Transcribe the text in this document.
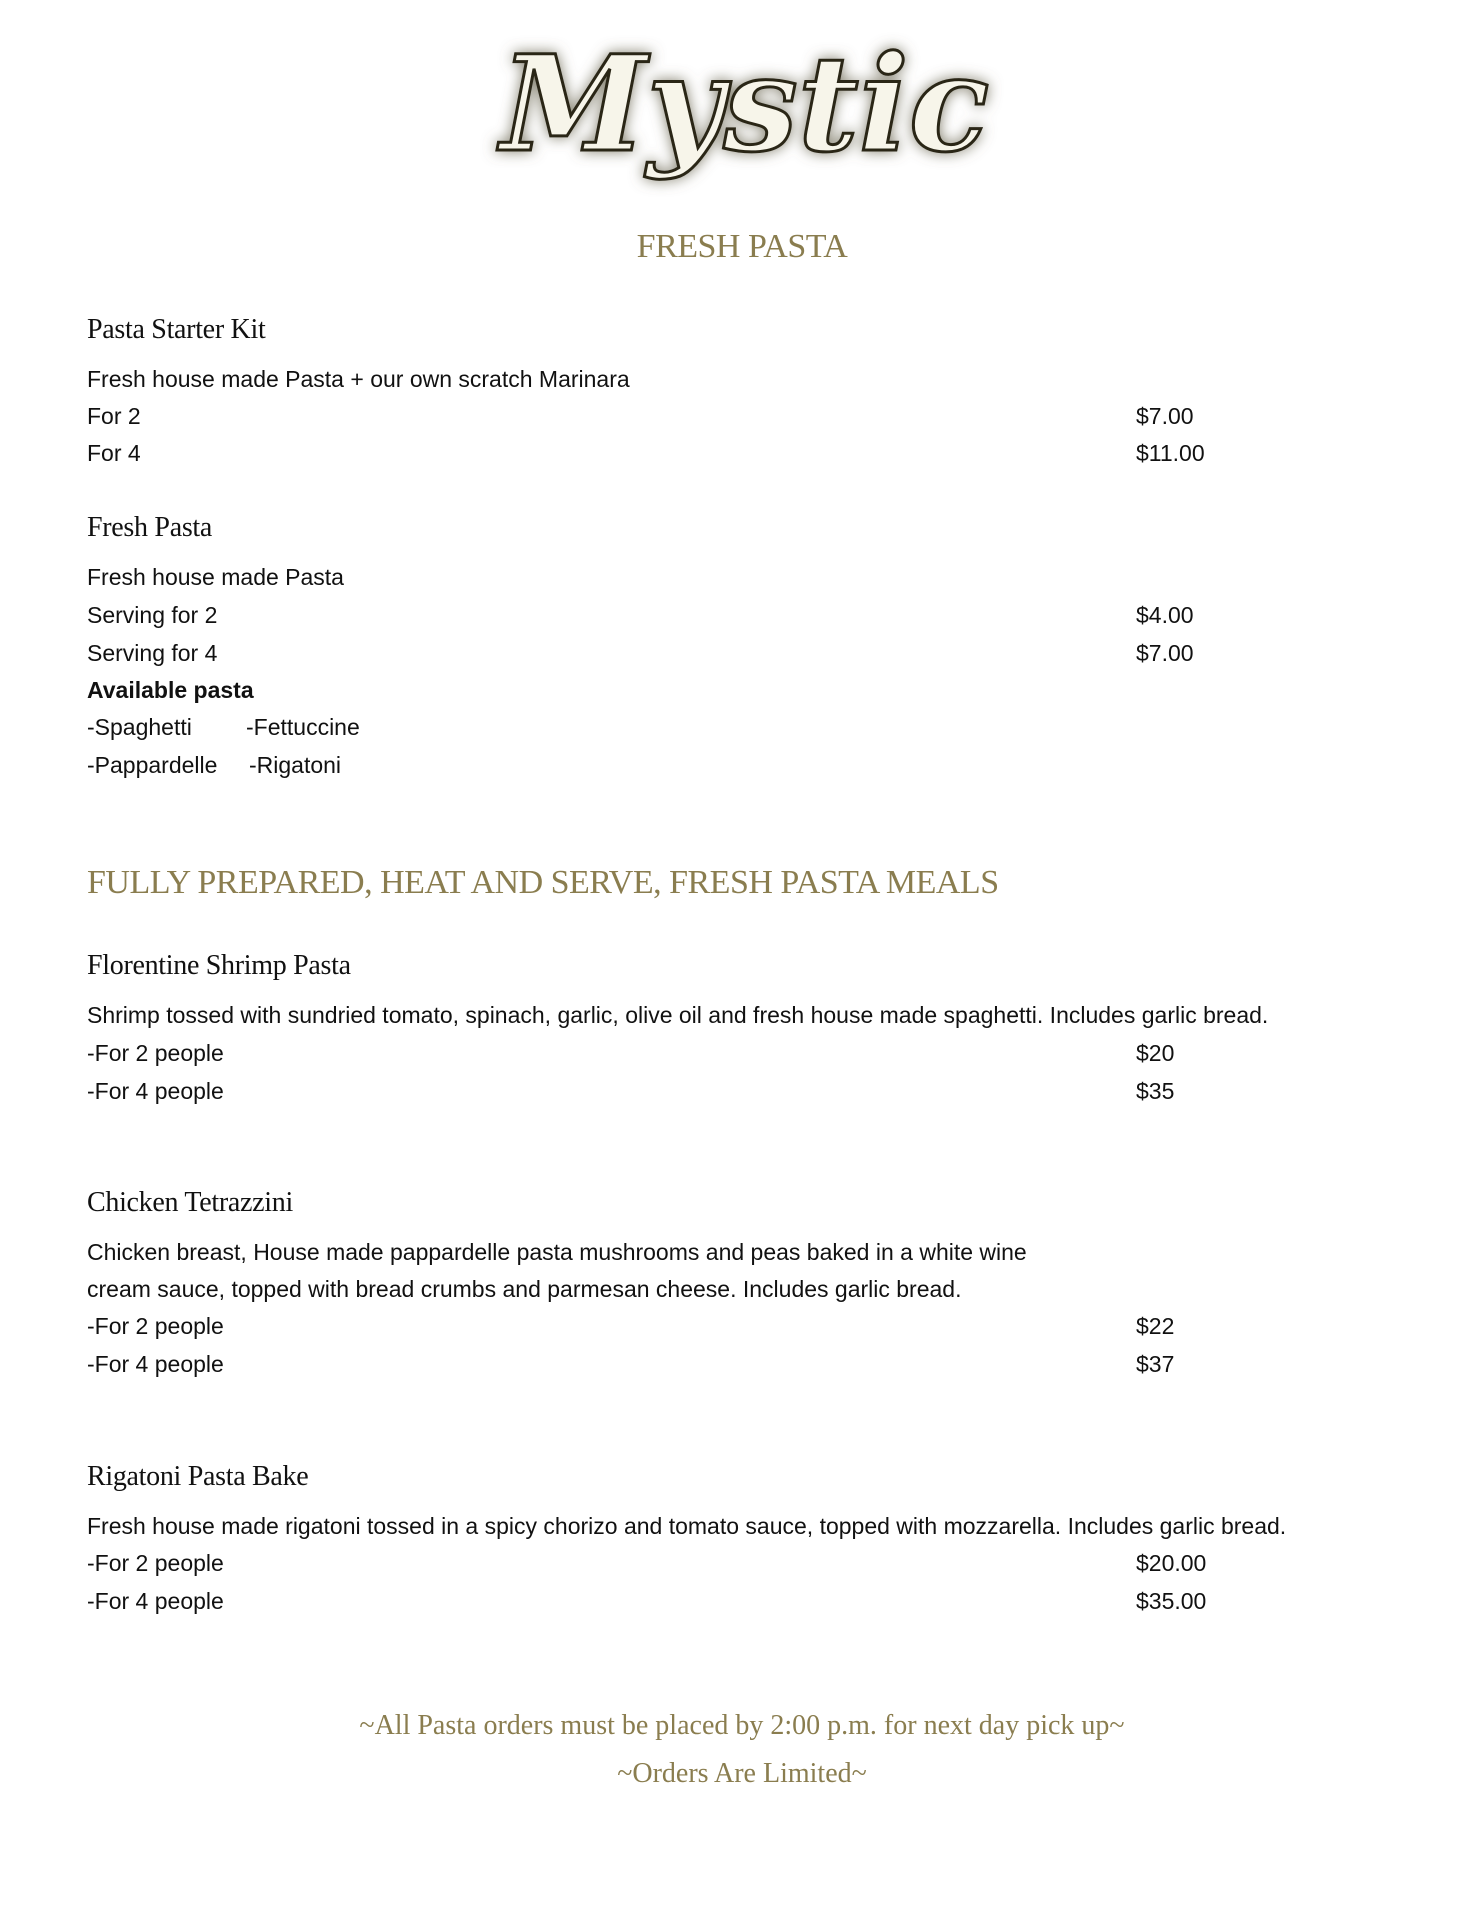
Mystic
FRESH PASTA
Pasta Starter Kit
Fresh house made Pasta + our own scratch Marinara
For 2	$7.00
For 4	$11.00
Fresh Pasta
Fresh house made Pasta
Serving for 2	$4.00
Serving for 4	$7.00
Available pasta
-Spaghetti -Fettuccine
-Pappardelle -Rigatoni
FULLY PREPARED, HEAT AND SERVE, FRESH PASTA MEALS
Florentine Shrimp Pasta
Shrimp tossed with sundried tomato, spinach, garlic, olive oil and fresh house made spaghetti. Includes garlic bread.
-For 2 people	$20
-For 4 people	$35
Chicken Tetrazzini
Chicken breast, House made pappardelle pasta mushrooms and peas baked in a white wine
cream sauce, topped with bread crumbs and parmesan cheese. Includes garlic bread.
-For 2 people	$22
-For 4 people	$37
Rigatoni Pasta Bake
Fresh house made rigatoni tossed in a spicy chorizo and tomato sauce, topped with mozzarella. Includes garlic bread.
-For 2 people	$20.00
-For 4 people	$35.00
~All Pasta orders must be placed by 2:00 p.m. for next day pick up~
~Orders Are Limited~
